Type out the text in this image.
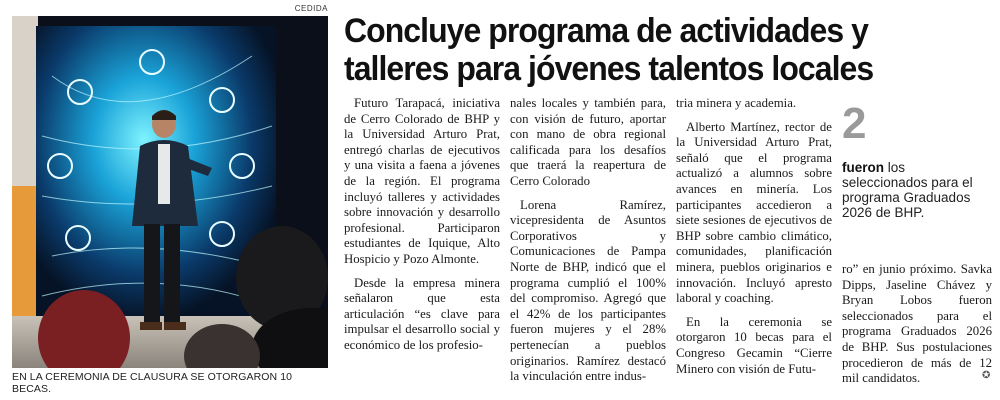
CEDIDA
EN LA CEREMONIA DE CLAUSURA SE OTORGARON 10 BECAS.
Concluye programa de actividades y
talleres para jóvenes talentos locales

Futuro Tarapacá, iniciativa de Cerro Colorado de BHP y la Universidad Arturo Prat, entregó charlas de ejecutivos y una visita a faena a jóvenes de la región. El programa incluyó talleres y actividades sobre innovación y desarrollo profesional. Participaron estudiantes de Iquique, Alto Hospicio y Pozo Almonte.

Desde la empresa minera señalaron que esta articulación “es clave para impulsar el desarrollo social y económico de los profesio-

nales locales y también para, con visión de futuro, aportar con mano de obra regional calificada para los desafíos que traerá la reapertura de Cerro Colorado

Lorena Ramírez, vicepresidenta de Asuntos Corporativos y Comunicaciones de Pampa Norte de BHP, indicó que el programa cumplió el 100% del compromiso. Agregó que el 42% de los participantes fueron mujeres y el 28% pertenecían a pueblos originarios. Ramírez destacó la vinculación entre indus-

tria minera y academia.

Alberto Martínez, rector de la Universidad Arturo Prat, señaló que el programa actualizó a alumnos sobre avances en minería. Los participantes accedieron a siete sesiones de ejecutivos de BHP sobre cambio climático, comunidades, planificación minera, pueblos originarios e innovación. Incluyó apresto laboral y coaching.

En la ceremonia se otorgaron 10 becas para el Congreso Gecamin “Cierre Minero con visión de Futu-

2
fueron los seleccionados para el programa Graduados 2026 de BHP.

ro” en junio próximo. Savka Dipps, Jaseline Chávez y Bryan Lobos fueron seleccionados para el programa Graduados 2026 de BHP. Sus postulaciones procedieron de más de 12 mil candidatos.	✪
